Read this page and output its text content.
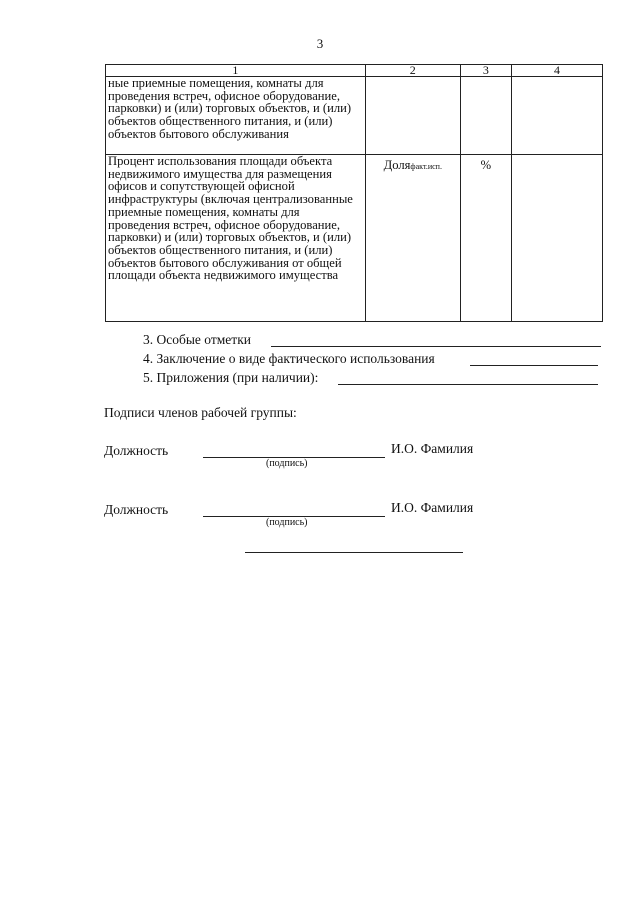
3
1	2	3	4
ные приемные помещения, комнаты для проведения встреч, офисное оборудование, парковки) и (или) торговых объектов, и (или) объектов общественного питания, и (или) объектов бытового обслуживания			
Процент использования площади объекта недвижимого имущества для размещения офисов и сопутствующей офисной инфраструктуры (включая централизованные приемные помещения, комнаты для проведения встреч, офисное оборудование, парковки) и (или) торговых объектов, и (или) объектов общественного питания, и (или) объектов бытового обслуживания от общей площади объекта недвижимого имущества	Доляфакт.исп.	%	
3. Особые отметки
4. Заключение о виде фактического использования
5. Приложения (при наличии):
Подписи членов рабочей группы:
Должность	И.О. Фамилия
(подпись)
Должность	И.О. Фамилия
(подпись)
